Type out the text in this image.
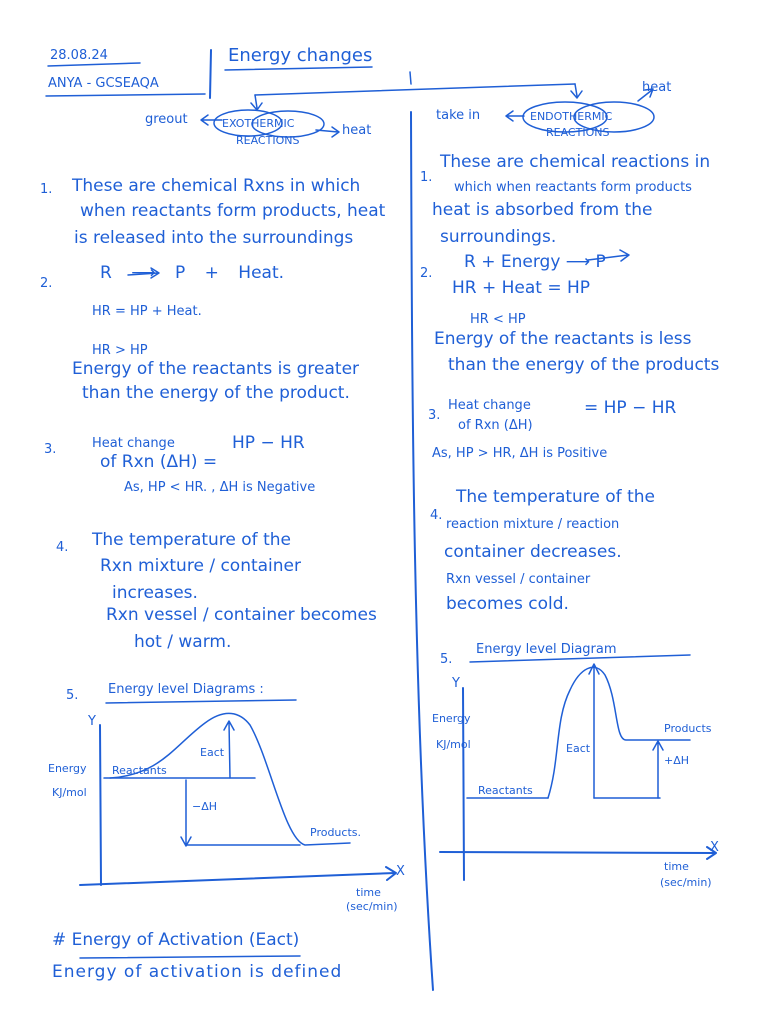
28.08.24
ANYA - GCSEAQA
Energy changes
greout	EXOTHERMIC
REACTIONS
heat
take in	ENDOTHERMIC
REACTIONS
heat
1. These are chemical Rxns in which
when reactants form products, heat
is released into the surroundings
2.
R ⟶ P + Heat.
HR = HP + Heat.
HR > HP
Energy of the reactants is greater
than the energy of the product.
3.	Heat change
of Rxn (ΔH) =
HP − HR
As, HP < HR. , ΔH is Negative
4. The temperature of the
Rxn mixture / container
increases.
Rxn vessel / container becomes
hot / warm.
5. Energy level Diagrams :
Y
Energy
KJ/mol
Reactants
Eact
−ΔH
Products.
X
time
(sec/min)
# Energy of Activation (Eact)
Energy of activation is defined
1.
These are chemical reactions in
which when reactants form products
heat is absorbed from the
surroundings.
2.
R + Energy ⟶ P
HR + Heat = HP
HR < HP
Energy of the reactants is less
than the energy of the products
3.
Heat change
of Rxn (ΔH)
= HP − HR
As, HP > HR, ΔH is Positive
4.
The temperature of the
reaction mixture / reaction
container decreases.
Rxn vessel / container
becomes cold.
5.
Energy level Diagram
Y
Energy
KJ/mol
Reactants
Eact
+ΔH
Products
X
time
(sec/min)
